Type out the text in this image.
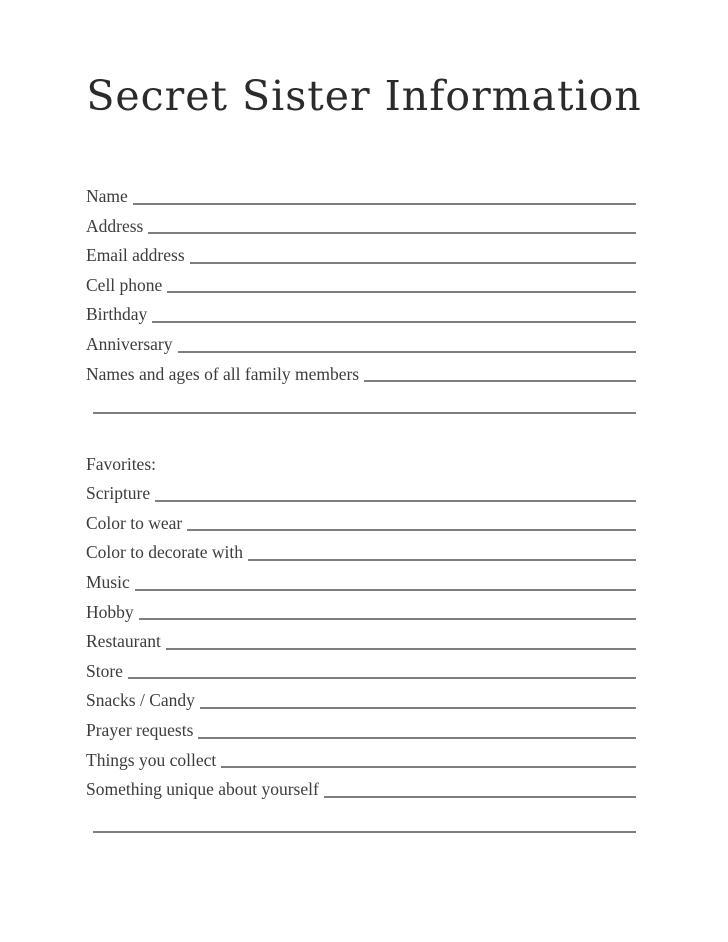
Secret Sister Information
Name
Address
Email address
Cell phone
Birthday
Anniversary
Names and ages of all family members
Favorites:
Scripture
Color to wear
Color to decorate with
Music
Hobby
Restaurant
Store
Snacks / Candy
Prayer requests
Things you collect
Something unique about yourself
